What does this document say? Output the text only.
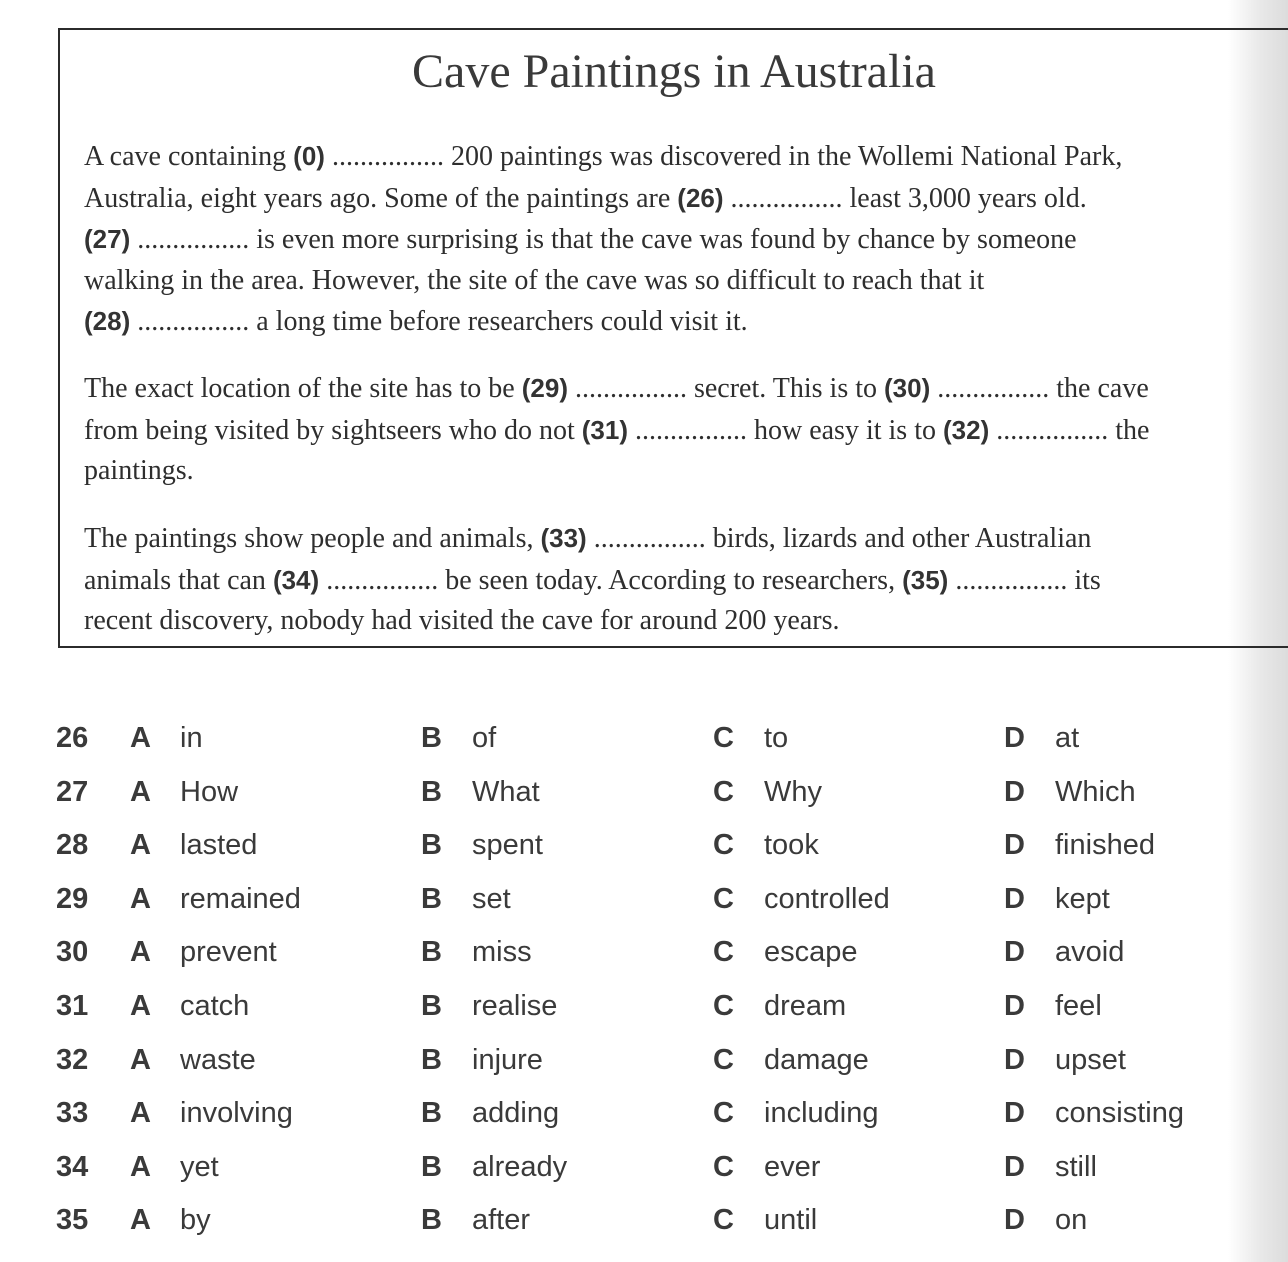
Cave Paintings in Australia
A cave containing (0) ................ 200 paintings was discovered in the Wollemi National Park,
Australia, eight years ago. Some of the paintings are (26) ................ least 3,000 years old.
(27) ................ is even more surprising is that the cave was found by chance by someone
walking in the area. However, the site of the cave was so difficult to reach that it
(28) ................ a long time before researchers could visit it.
The exact location of the site has to be (29) ................ secret. This is to (30) ................ the cave
from being visited by sightseers who do not (31) ................ how easy it is to (32) ................ the
paintings.
The paintings show people and animals, (33) ................ birds, lizards and other Australian
animals that can (34) ................ be seen today. According to researchers, (35) ................ its
recent discovery, nobody had visited the cave for around 200 years.
26 A in	B of	C to	D at
27 A How	B What	C Why	D Which
28 A lasted	B spent	C took	D finished
29 A remained	B set	C controlled	D kept
30 A prevent	B miss	C escape	D avoid
31 A catch	B realise	C dream	D feel
32 A waste	B injure	C damage	D upset
33 A involving	B adding	C including	D consisting
34 A yet	B already	C ever	D still
35 A by	B after	C until	D on
